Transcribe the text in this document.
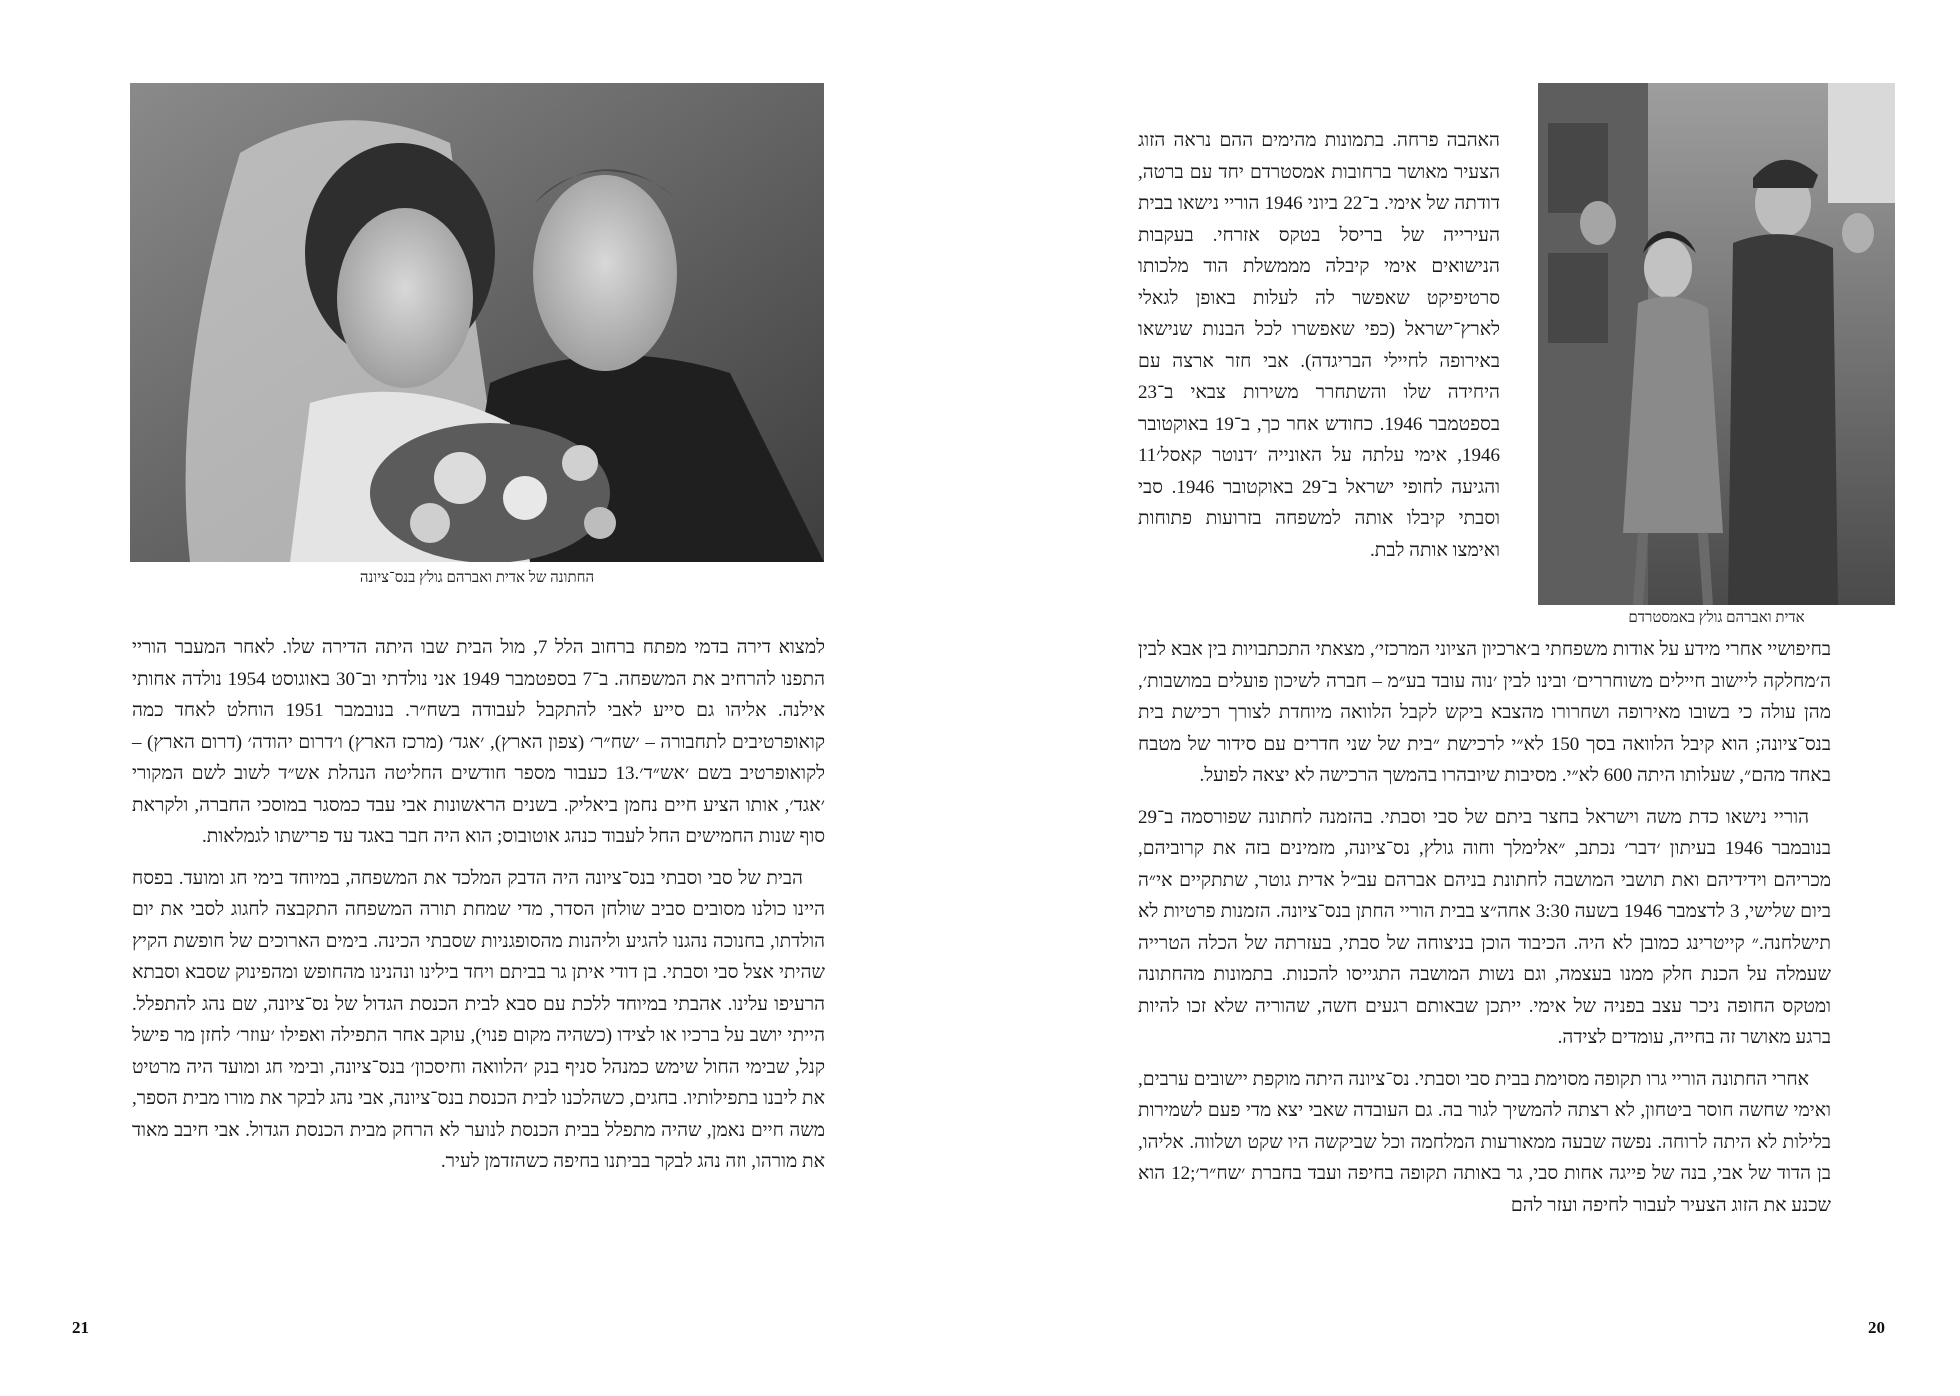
החתונה של אדית ואברהם גולץ בנס־ציונה

למצוא דירה בדמי מפתח ברחוב הלל 7, מול הבית שבו היתה הדירה שלו. לאחר המעבר הוריי התפנו להרחיב את המשפחה. ב־7 בספטמבר 1949 אני נולדתי וב־30 באוגוסט 1954 נולדה אחותי אילנה. אליהו גם סייע לאבי להתקבל לעבודה בשח״ר. בנובמבר 1951 הוחלט לאחד כמה קואופרטיבים לתחבורה – ׳שח״ר׳ (צפון הארץ), ׳אגד׳ (מרכז הארץ) ו׳דרום יהודה׳ (דרום הארץ) – לקואופרטיב בשם ׳אש״ד׳.13 כעבור מספר חודשים החליטה הנהלת אש״ד לשוב לשם המקורי ׳אגד׳, אותו הציע חיים נחמן ביאליק. בשנים הראשונות אבי עבד כמסגר במוסכי החברה, ולקראת סוף שנות החמישים החל לעבוד כנהג אוטובוס; הוא היה חבר באגד עד פרישתו לגמלאות.

הבית של סבי וסבתי בנס־ציונה היה הדבק המלכד את המשפחה, במיוחד בימי חג ומועד. בפסח היינו כולנו מסובים סביב שולחן הסדר, מדי שמחת תורה המשפחה התקבצה לחגוג לסבי את יום הולדתו, בחנוכה נהגנו להגיע וליהנות מהסופגניות שסבתי הכינה. בימים הארוכים של חופשת הקיץ שהיתי אצל סבי וסבתי. בן דודי איתן גר בביתם ויחד בילינו ונהנינו מהחופש ומהפינוק שסבא וסבתא הרעיפו עלינו. אהבתי במיוחד ללכת עם סבא לבית הכנסת הגדול של נס־ציונה, שם נהג להתפלל. הייתי יושב על ברכיו או לצידו (כשהיה מקום פנוי), עוקב אחר התפילה ואפילו ׳עוזר׳ לחזן מר פישל קנל, שבימי החול שימש כמנהל סניף בנק ׳הלוואה וחיסכון׳ בנס־ציונה, ובימי חג ומועד היה מרטיט את ליבנו בתפילותיו. בחגים, כשהלכנו לבית הכנסת בנס־ציונה, אבי נהג לבקר את מורו מבית הספר, משה חיים נאמן, שהיה מתפלל בבית הכנסת לנוער לא הרחק מבית הכנסת הגדול. אבי חיבב מאוד את מורהו, וזה נהג לבקר בביתנו בחיפה כשהזדמן לעיר.

21
אדית ואברהם גולץ באמסטרדם

האהבה פרחה. בתמונות מהימים ההם נראה הזוג הצעיר מאושר ברחובות אמסטרדם יחד עם ברטה, דודתה של אימי. ב־22 ביוני 1946 הוריי נישאו בבית העירייה של בריסל בטקס אזרחי. בעקבות הנישואים אימי קיבלה מממשלת הוד מלכותו סרטיפיקט שאפשר לה לעלות באופן לגאלי לארץ־ישראל (כפי שאפשרו לכל הבנות שנישאו באירופה לחיילי הבריגדה). אבי חזר ארצה עם היחידה שלו והשתחרר משירות צבאי ב־23 בספטמבר 1946. כחודש אחר כך, ב־19 באוקטובר 1946, אימי עלתה על האונייה ׳דנוטר קאסל׳11 והגיעה לחופי ישראל ב־29 באוקטובר 1946. סבי וסבתי קיבלו אותה למשפחה בזרועות פתוחות ואימצו אותה לבת.

בחיפושיי אחרי מידע על אודות משפחתי ב׳ארכיון הציוני המרכזי׳, מצאתי התכתבויות בין אבא לבין ה׳מחלקה ליישוב חיילים משוחררים׳ ובינו לבין ׳נוה עובד בע״מ – חברה לשיכון פועלים במושבות׳, מהן עולה כי בשובו מאירופה ושחרורו מהצבא ביקש לקבל הלוואה מיוחדת לצורך רכישת בית בנס־ציונה; הוא קיבל הלוואה בסך 150 לא״י לרכישת ״בית של שני חדרים עם סידור של מטבח באחד מהם״, שעלותו היתה 600 לא״י. מסיבות שיובהרו בהמשך הרכישה לא יצאה לפועל.

הוריי נישאו כדת משה וישראל בחצר ביתם של סבי וסבתי. בהזמנה לחתונה שפורסמה ב־29 בנובמבר 1946 בעיתון ׳דבר׳ נכתב, ״אלימלך וחוה גולץ, נס־ציונה, מזמינים בזה את קרוביהם, מכריהם וידידיהם ואת תושבי המושבה לחתונת בניהם אברהם עב״ל אדית גוטר, שתתקיים אי״ה ביום שלישי, 3 לדצמבר 1946 בשעה 3:30 אחה״צ בבית הוריי החתן בנס־ציונה. הזמנות פרטיות לא תישלחנה.״ קייטרינג כמובן לא היה. הכיבוד הוכן בניצוחה של סבתי, בעזרתה של הכלה הטרייה שעמלה על הכנת חלק ממנו בעצמה, וגם נשות המושבה התגייסו להכנות. בתמונות מהחתונה ומטקס החופה ניכר עצב בפניה של אימי. ייתכן שבאותם רגעים חשה, שהוריה שלא זכו להיות ברגע מאושר זה בחייה, עומדים לצידה.

אחרי החתונה הוריי גרו תקופה מסוימת בבית סבי וסבתי. נס־ציונה היתה מוקפת יישובים ערבים, ואימי שחשה חוסר ביטחון, לא רצתה להמשיך לגור בה. גם העובדה שאבי יצא מדי פעם לשמירות בלילות לא היתה לרוחה. נפשה שבעה ממאורעות המלחמה וכל שביקשה היו שקט ושלווה. אליהו, בן הדוד של אבי, בנה של פייגה אחות סבי, גר באותה תקופה בחיפה ועבד בחברת ׳שח״ר׳;12 הוא שכנע את הזוג הצעיר לעבור לחיפה ועזר להם

20
